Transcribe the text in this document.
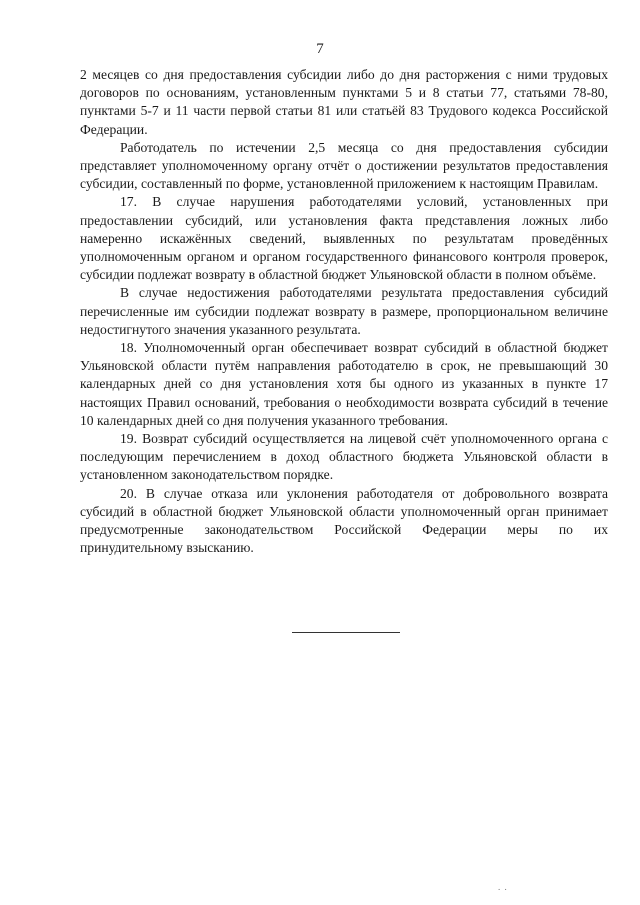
7

2 месяцев со дня предоставления субсидии либо до дня расторжения с ними трудовых договоров по основаниям, установленным пунктами 5 и 8 статьи 77, статьями 78-80, пунктами 5-7 и 11 части первой статьи 81 или статьёй 83 Трудового кодекса Российской Федерации.

Работодатель по истечении 2,5 месяца со дня предоставления субсидии представляет уполномоченному органу отчёт о достижении результатов предоставления субсидии, составленный по форме, установленной приложением к настоящим Правилам.

17. В случае нарушения работодателями условий, установленных при предоставлении субсидий, или установления факта представления ложных либо намеренно искажённых сведений, выявленных по результатам проведённых уполномоченным органом и органом государственного финансового контроля проверок, субсидии подлежат возврату в областной бюджет Ульяновской области в полном объёме.

В случае недостижения работодателями результата предоставления субсидий перечисленные им субсидии подлежат возврату в размере, пропорциональном величине недостигнутого значения указанного результата.

18. Уполномоченный орган обеспечивает возврат субсидий в областной бюджет Ульяновской области путём направления работодателю в срок, не превышающий 30 календарных дней со дня установления хотя бы одного из указанных в пункте 17 настоящих Правил оснований, требования о необходимости возврата субсидий в течение 10 календарных дней со дня получения указанного требования.

19. Возврат субсидий осуществляется на лицевой счёт уполномоченного органа с последующим перечислением в доход областного бюджета Ульяновской области в установленном законодательством порядке.

20. В случае отказа или уклонения работодателя от добровольного возврата субсидий в областной бюджет Ульяновской области уполномоченный орган принимает предусмотренные законодательством Российской Федерации меры по их принудительному взысканию.

. .
